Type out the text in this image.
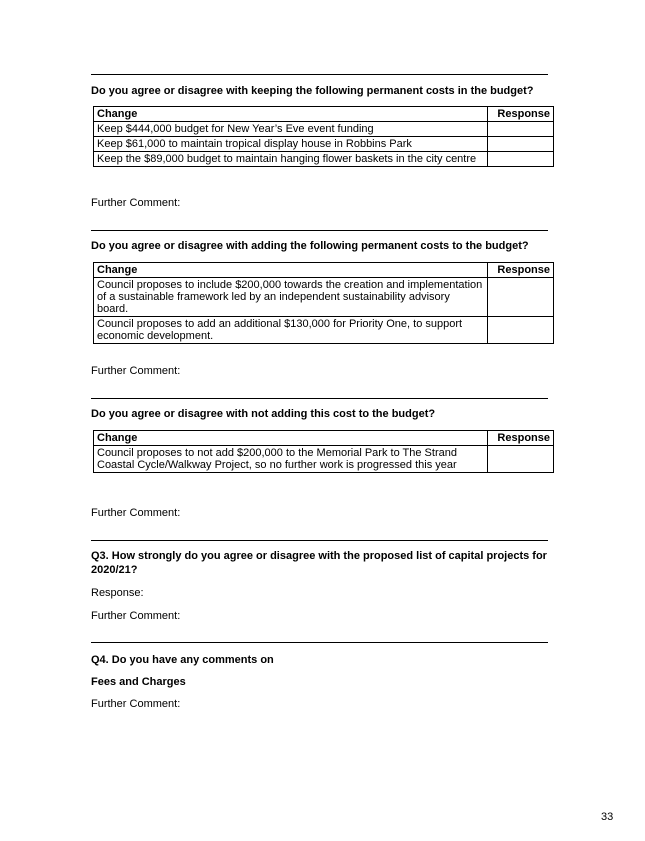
Do you agree or disagree with keeping the following permanent costs in the budget?
Change	Response
Keep $444,000 budget for New Year’s Eve event funding	
Keep $61,000 to maintain tropical display house in Robbins Park	
Keep the $89,000 budget to maintain hanging flower baskets in the city centre	
Further Comment:
Do you agree or disagree with adding the following permanent costs to the budget?
Change	Response
Council proposes to include $200,000 towards the creation and implementation of a sustainable framework led by an independent sustainability advisory board.	
Council proposes to add an additional $130,000 for Priority One, to support economic development.	
Further Comment:
Do you agree or disagree with not adding this cost to the budget?
Change	Response
Council proposes to not add $200,000 to the Memorial Park to The Strand Coastal Cycle/Walkway Project, so no further work is progressed this year	
Further Comment:
Q3. How strongly do you agree or disagree with the proposed list of capital projects for 2020/21?
Response:
Further Comment:
Q4. Do you have any comments on
Fees and Charges
Further Comment:
33
